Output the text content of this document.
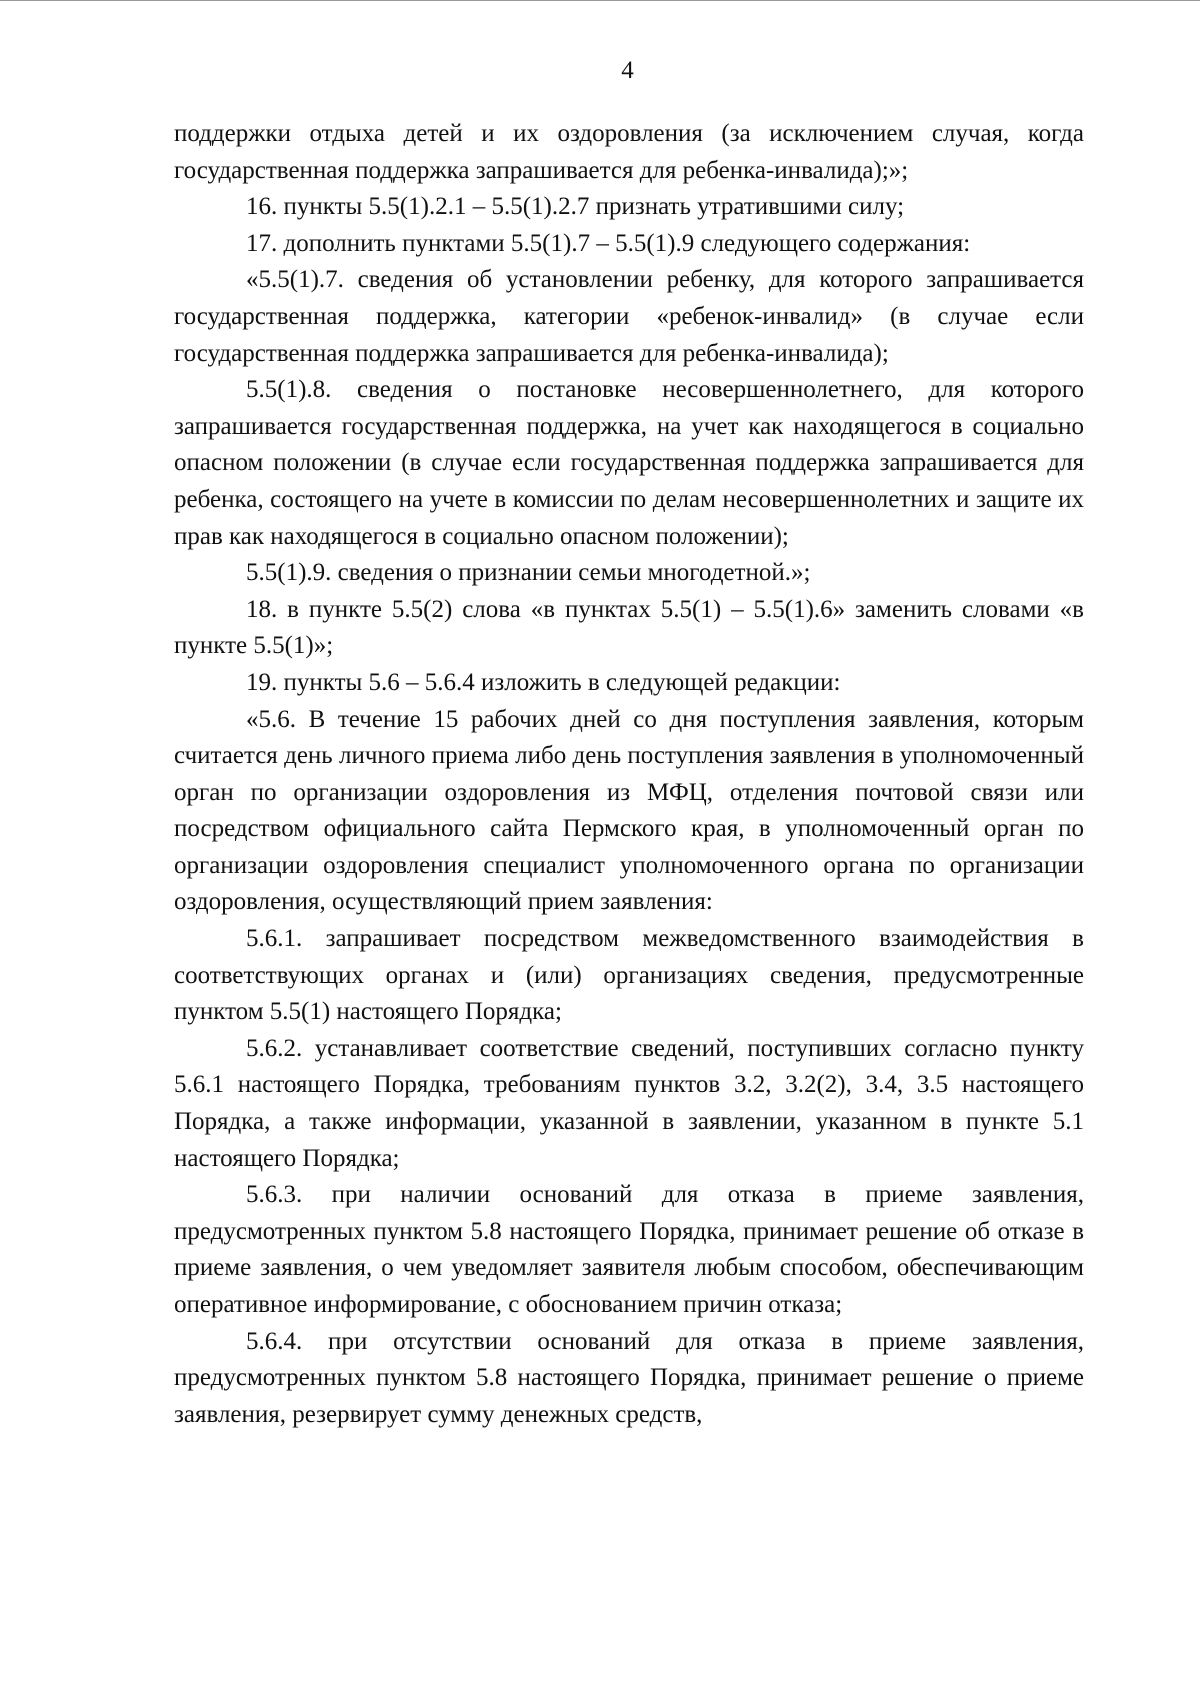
4

поддержки отдыха детей и их оздоровления (за исключением случая, когда государственная поддержка запрашивается для ребенка-инвалида);»;

16. пункты 5.5(1).2.1 – 5.5(1).2.7 признать утратившими силу;

17. дополнить пунктами 5.5(1).7 – 5.5(1).9 следующего содержания:

«5.5(1).7. сведения об установлении ребенку, для которого запрашивается государственная поддержка, категории «ребенок-инвалид» (в случае если государственная поддержка запрашивается для ребенка-инвалида);

5.5(1).8. сведения о постановке несовершеннолетнего, для которого запрашивается государственная поддержка, на учет как находящегося в социально опасном положении (в случае если государственная поддержка запрашивается для ребенка, состоящего на учете в комиссии по делам несовершеннолетних и защите их прав как находящегося в социально опасном положении);

5.5(1).9. сведения о признании семьи многодетной.»;

18. в пункте 5.5(2) слова «в пунктах 5.5(1) – 5.5(1).6» заменить словами «в пункте 5.5(1)»;

19. пункты 5.6 – 5.6.4 изложить в следующей редакции:

«5.6. В течение 15 рабочих дней со дня поступления заявления, которым считается день личного приема либо день поступления заявления в уполномоченный орган по организации оздоровления из МФЦ, отделения почтовой связи или посредством официального сайта Пермского края, в уполномоченный орган по организации оздоровления специалист уполномоченного органа по организации оздоровления, осуществляющий прием заявления:

5.6.1. запрашивает посредством межведомственного взаимодействия в соответствующих органах и (или) организациях сведения, предусмотренные пунктом 5.5(1) настоящего Порядка;

5.6.2. устанавливает соответствие сведений, поступивших согласно пункту 5.6.1 настоящего Порядка, требованиям пунктов 3.2, 3.2(2), 3.4, 3.5 настоящего Порядка, а также информации, указанной в заявлении, указанном в пункте 5.1 настоящего Порядка;

5.6.3. при наличии оснований для отказа в приеме заявления, предусмотренных пунктом 5.8 настоящего Порядка, принимает решение об отказе в приеме заявления, о чем уведомляет заявителя любым способом, обеспечивающим оперативное информирование, с обоснованием причин отказа;

5.6.4. при отсутствии оснований для отказа в приеме заявления, предусмотренных пунктом 5.8 настоящего Порядка, принимает решение о приеме заявления, резервирует сумму денежных средств,
